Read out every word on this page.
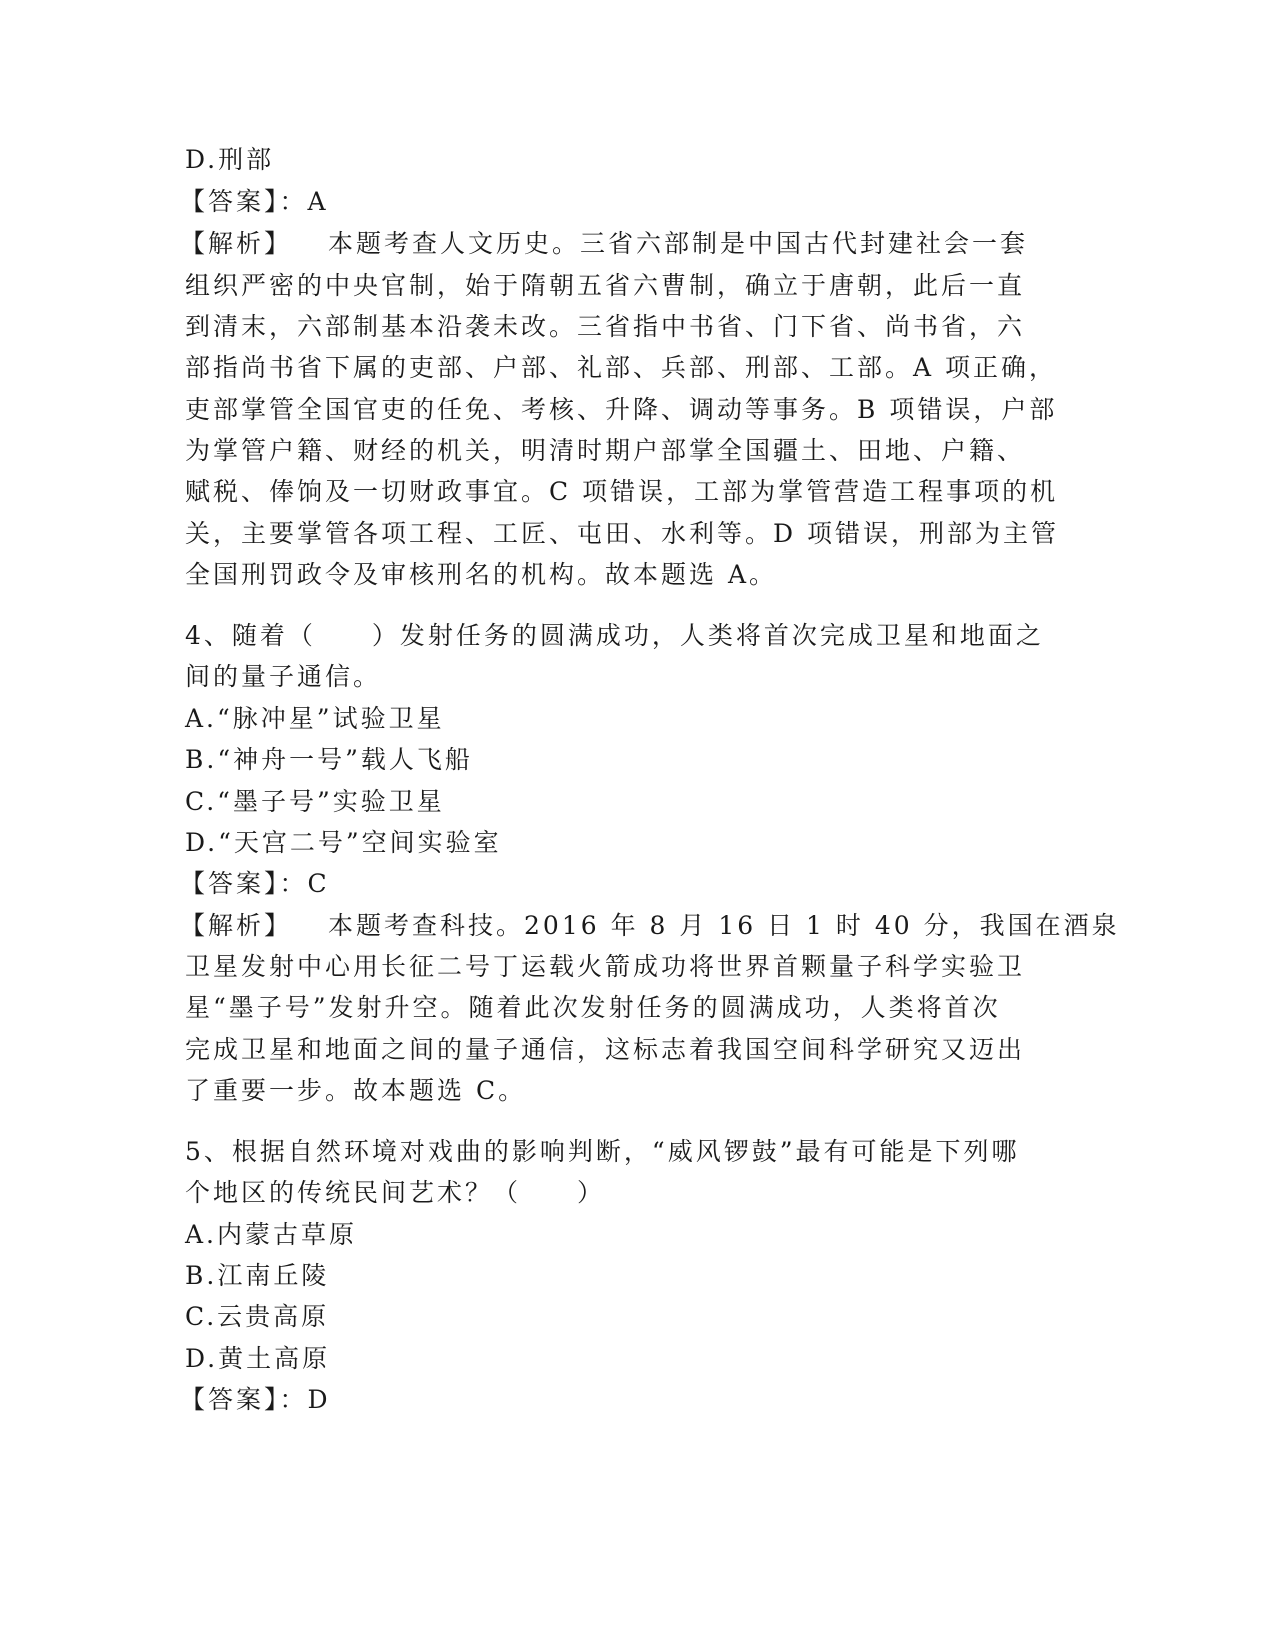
D.刑部
【答案】：A
【解析】 本题考查人文历史。三省六部制是中国古代封建社会一套
组织严密的中央官制，始于隋朝五省六曹制，确立于唐朝，此后一直
到清末，六部制基本沿袭未改。三省指中书省、门下省、尚书省，六
部指尚书省下属的吏部、户部、礼部、兵部、刑部、工部。A 项正确，
吏部掌管全国官吏的任免、考核、升降、调动等事务。B 项错误，户部
为掌管户籍、财经的机关，明清时期户部掌全国疆土、田地、户籍、
赋税、俸饷及一切财政事宜。C 项错误，工部为掌管营造工程事项的机
关，主要掌管各项工程、工匠、屯田、水利等。D 项错误，刑部为主管
全国刑罚政令及审核刑名的机构。故本题选 A。
4、随着（　　）发射任务的圆满成功，人类将首次完成卫星和地面之
间的量子通信。
A.“脉冲星”试验卫星
B.“神舟一号”载人飞船
C.“墨子号”实验卫星
D.“天宫二号”空间实验室
【答案】：C
【解析】 本题考查科技。2016 年 8 月 16 日 1 时 40 分，我国在酒泉
卫星发射中心用长征二号丁运载火箭成功将世界首颗量子科学实验卫
星“墨子号”发射升空。随着此次发射任务的圆满成功，人类将首次
完成卫星和地面之间的量子通信，这标志着我国空间科学研究又迈出
了重要一步。故本题选 C。
5、根据自然环境对戏曲的影响判断，“威风锣鼓”最有可能是下列哪
个地区的传统民间艺术？（　　）
A.内蒙古草原
B.江南丘陵
C.云贵高原
D.黄土高原
【答案】：D
